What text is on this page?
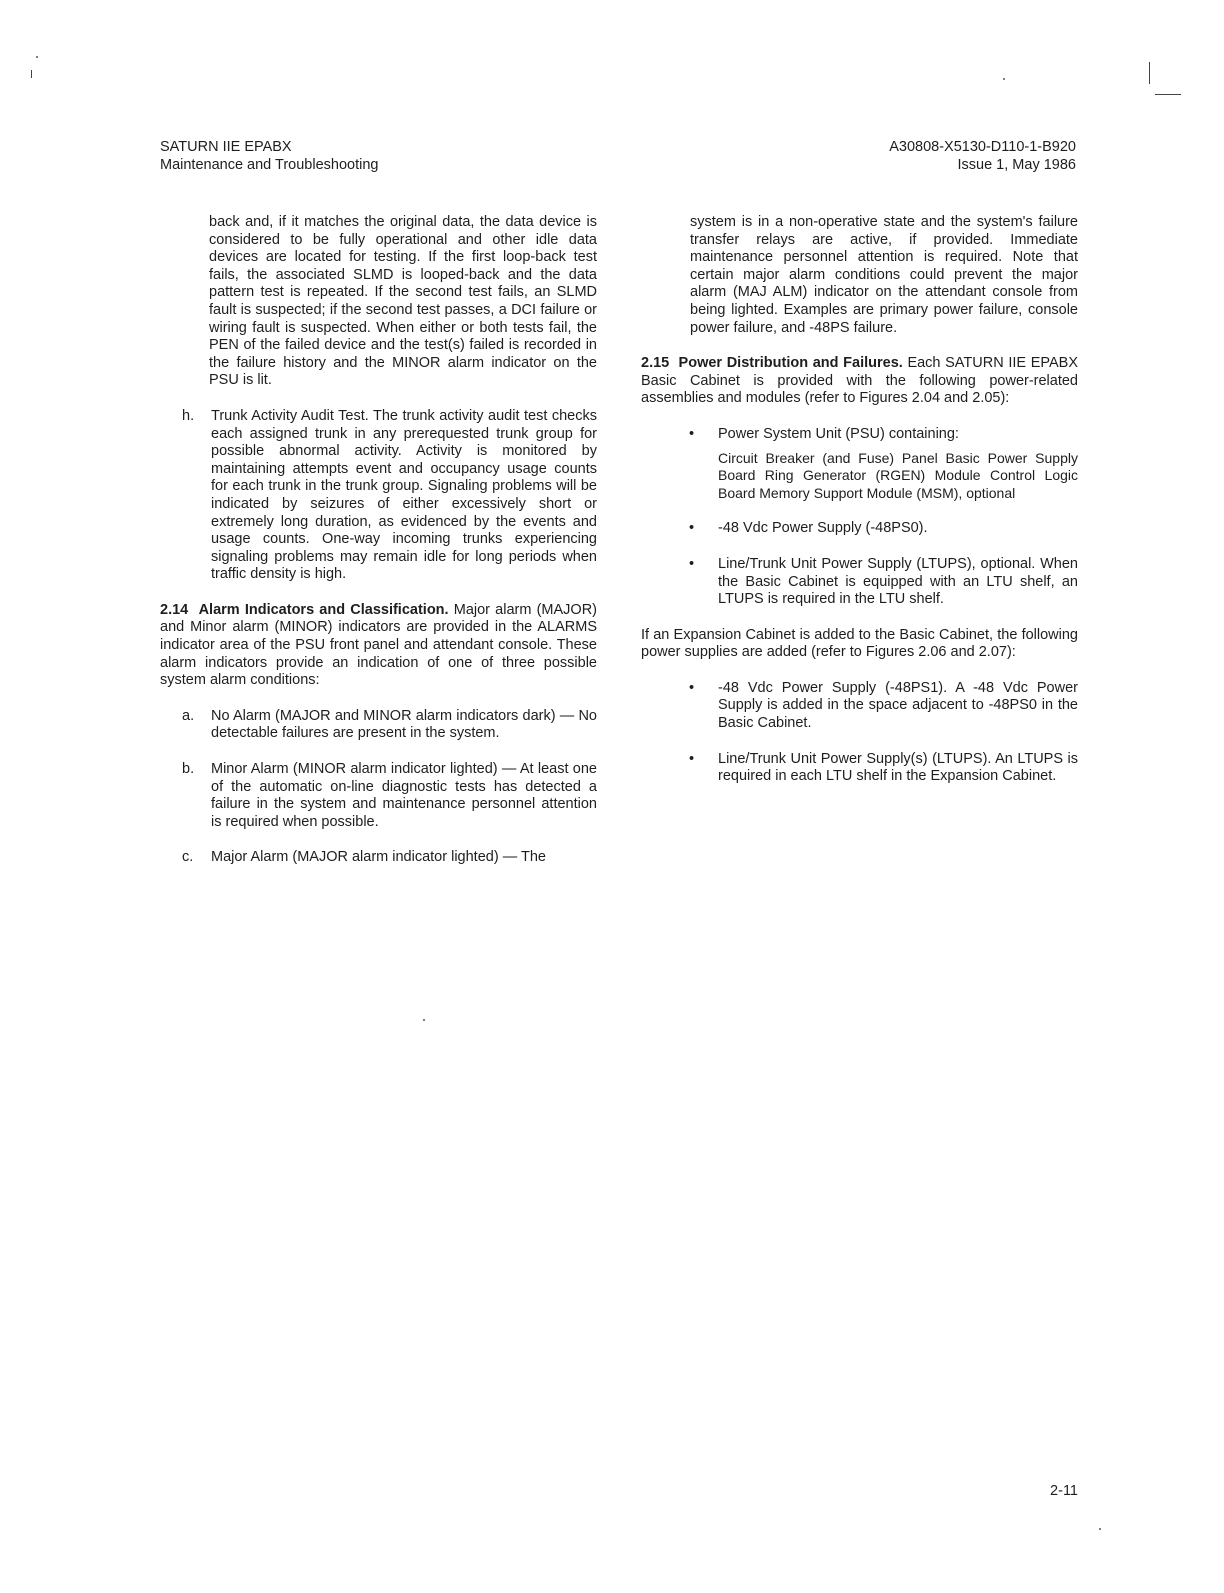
SATURN IIE EPABX
Maintenance and Troubleshooting
A30808-X5130-D110-1-B920
Issue 1, May 1986

back and, if it matches the original data, the data device is considered to be fully operational and other idle data devices are located for testing. If the first loop-back test fails, the associated SLMD is looped-back and the data pattern test is repeated. If the second test fails, an SLMD fault is suspected; if the second test passes, a DCI failure or wiring fault is suspected. When either or both tests fail, the PEN of the failed device and the test(s) failed is recorded in the failure history and the MINOR alarm indicator on the PSU is lit.

h. Trunk Activity Audit Test. The trunk activity audit test checks each assigned trunk in any prerequested trunk group for possible abnormal activity. Activity is monitored by maintaining attempts event and occupancy usage counts for each trunk in the trunk group. Signaling problems will be indicated by seizures of either excessively short or extremely long duration, as evidenced by the events and usage counts. One-way incoming trunks experiencing signaling problems may remain idle for long periods when traffic density is high.

2.14 Alarm Indicators and Classification. Major alarm (MAJOR) and Minor alarm (MINOR) indicators are provided in the ALARMS indicator area of the PSU front panel and attendant console. These alarm indicators provide an indication of one of three possible system alarm conditions:

a. No Alarm (MAJOR and MINOR alarm indicators dark) — No detectable failures are present in the system.
b. Minor Alarm (MINOR alarm indicator lighted) — At least one of the automatic on-line diagnostic tests has detected a failure in the system and maintenance personnel attention is required when possible.
c. Major Alarm (MAJOR alarm indicator lighted) — The

system is in a non-operative state and the system's failure transfer relays are active, if provided. Immediate maintenance personnel attention is required. Note that certain major alarm conditions could prevent the major alarm (MAJ ALM) indicator on the attendant console from being lighted. Examples are primary power failure, console power failure, and -48PS failure.

2.15 Power Distribution and Failures. Each SATURN IIE EPABX Basic Cabinet is provided with the following power-related assemblies and modules (refer to Figures 2.04 and 2.05):

• Power System Unit (PSU) containing:
Circuit Breaker (and Fuse) Panel Basic Power Supply Board Ring Generator (RGEN) Module Control Logic Board Memory Support Module (MSM), optional
• -48 Vdc Power Supply (-48PS0).
• Line/Trunk Unit Power Supply (LTUPS), optional. When the Basic Cabinet is equipped with an LTU shelf, an LTUPS is required in the LTU shelf.

If an Expansion Cabinet is added to the Basic Cabinet, the following power supplies are added (refer to Figures 2.06 and 2.07):

• -48 Vdc Power Supply (-48PS1). A -48 Vdc Power Supply is added in the space adjacent to -48PS0 in the Basic Cabinet.
• Line/Trunk Unit Power Supply(s) (LTUPS). An LTUPS is required in each LTU shelf in the Expansion Cabinet.
2-11
